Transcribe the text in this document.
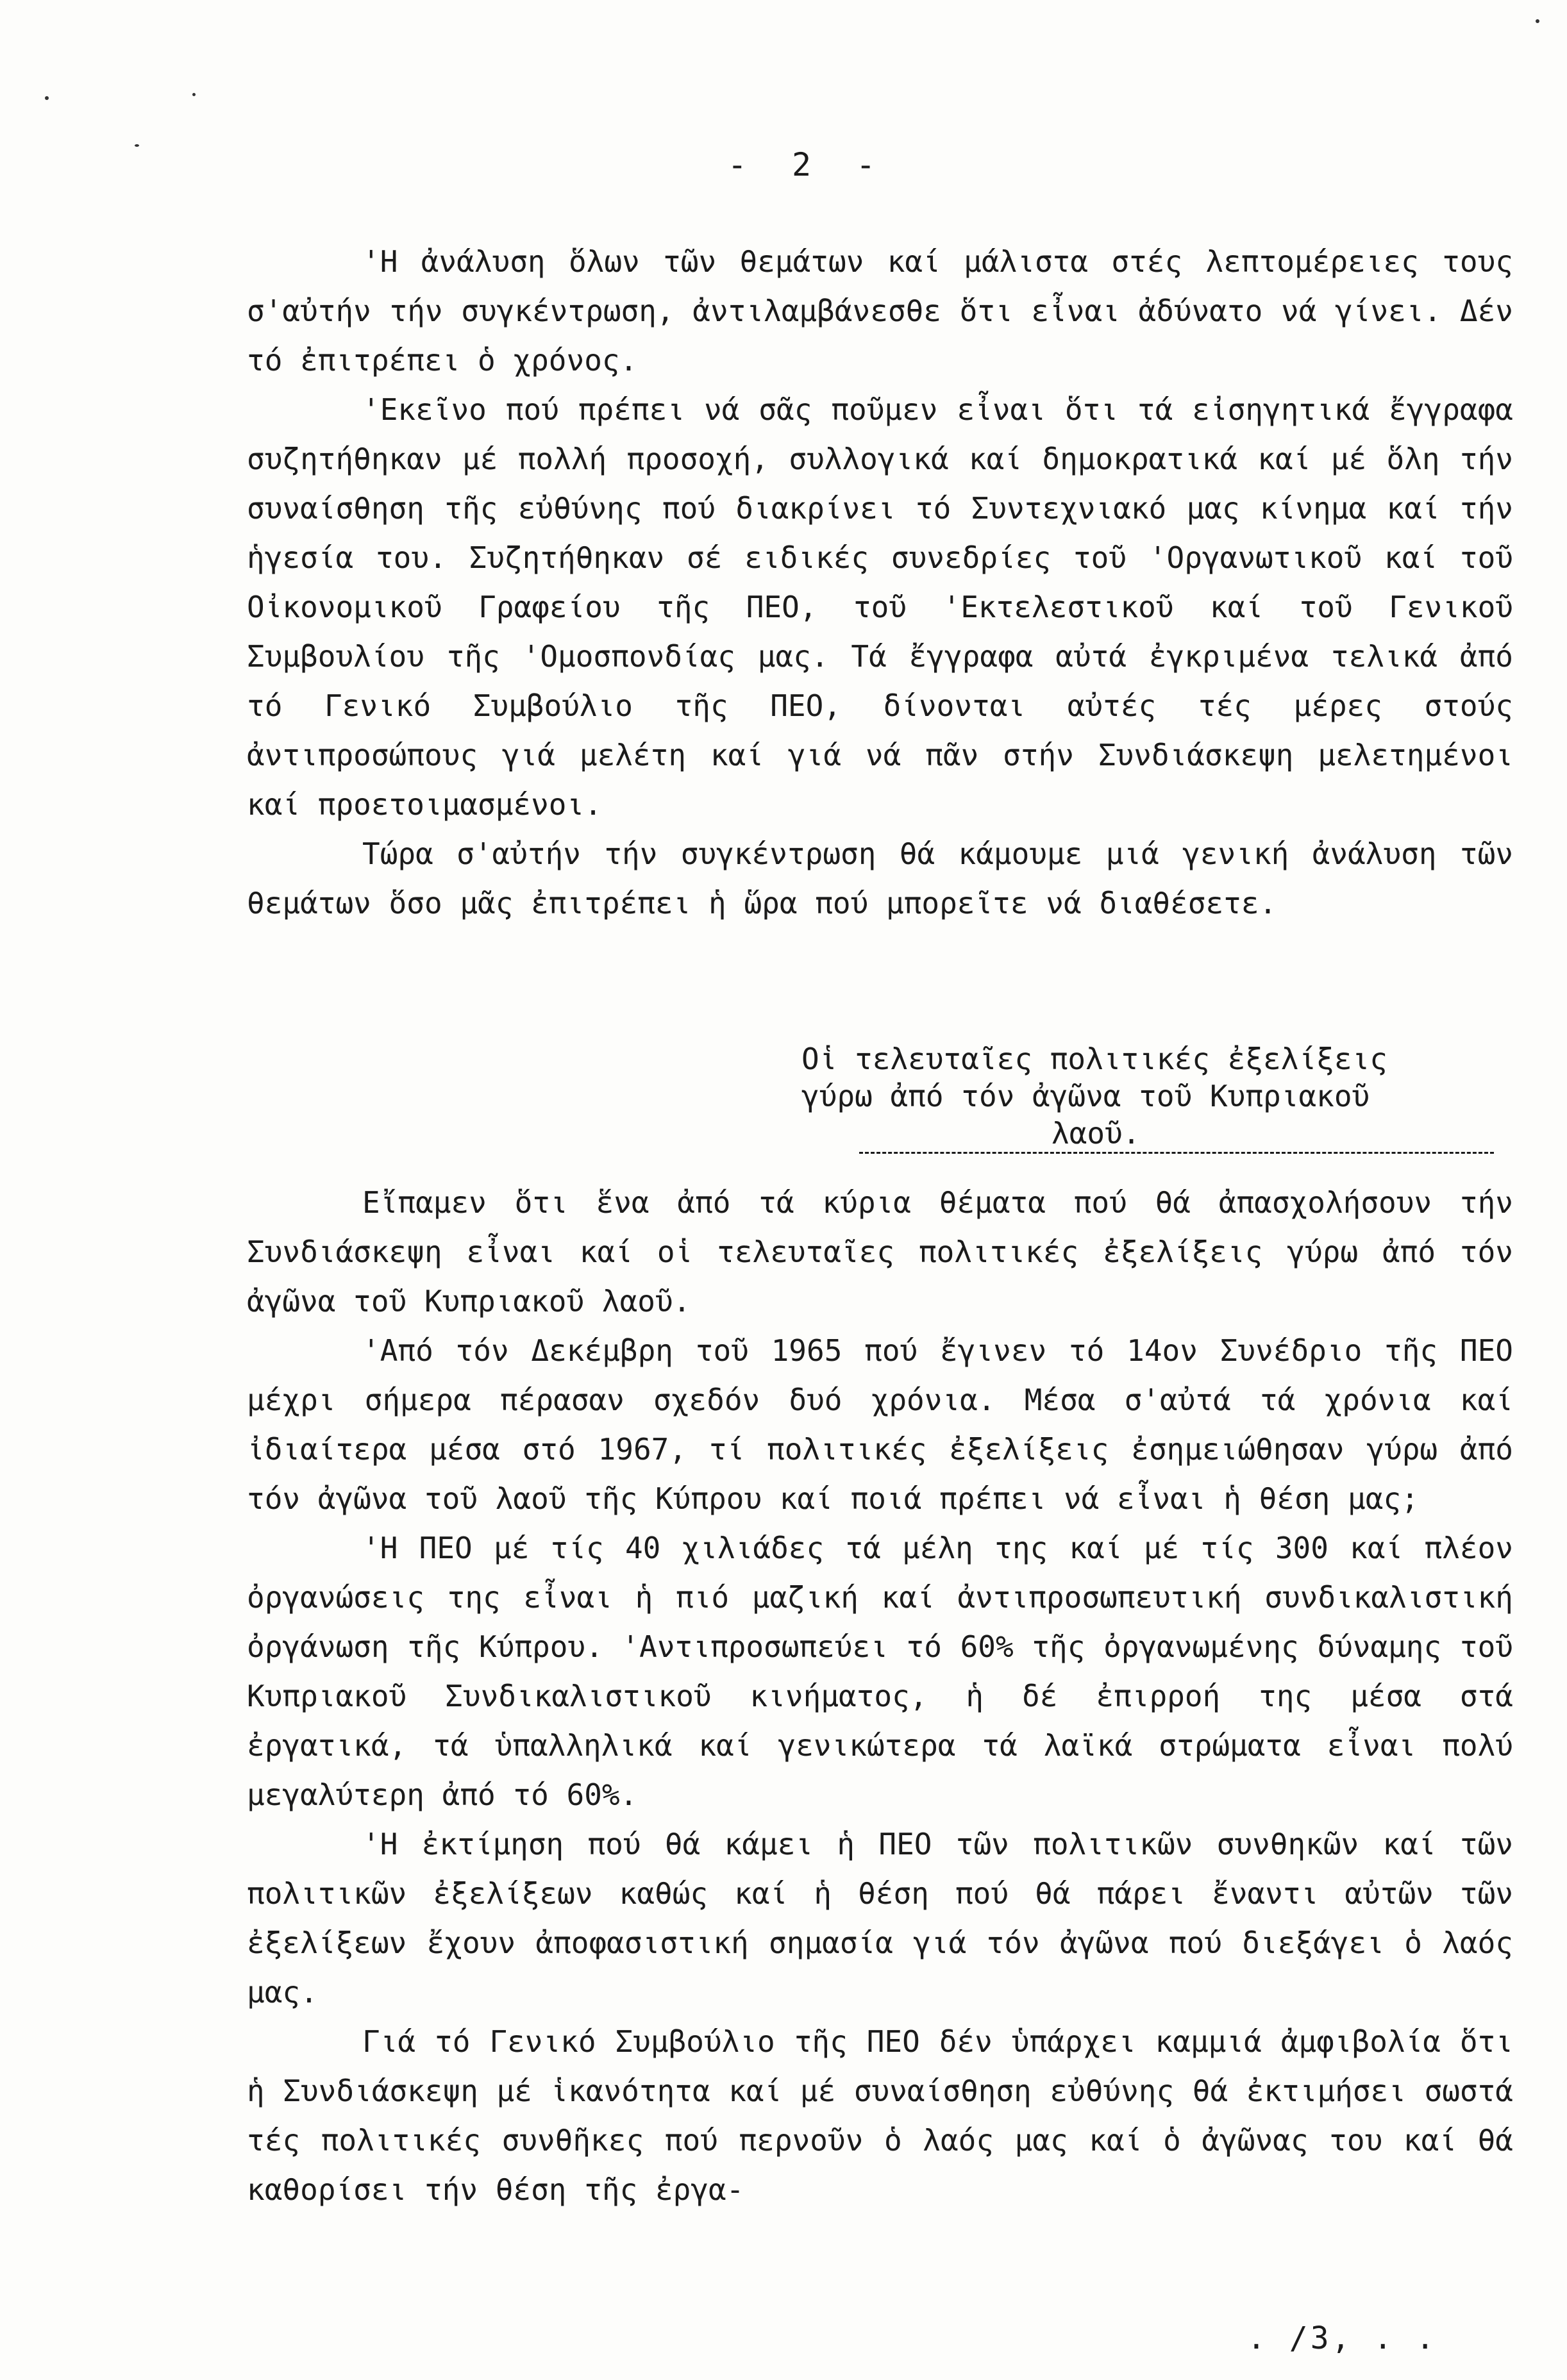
- 2 -

'Η ἀνάλυση ὅλων τῶν θεμάτων καί μάλιστα στές λεπτομέρειες τους σ'αὐτήν τήν συγκέντρωση, ἀντιλαμβάνεσθε ὅτι εἶναι ἀδύνατο νά γίνει. Δέν τό ἐπιτρέπει ὁ χρόνος.

'Εκεῖνο πού πρέπει νά σᾶς ποῦμεν εἶναι ὅτι τά εἰσηγητικά ἔγγραφα συζητήθηκαν μέ πολλή προσοχή, συλλογικά καί δημοκρατικά καί μέ ὅλη τήν συναίσθηση τῆς εὐθύνης πού διακρίνει τό Συντεχνιακό μας κίνημα καί τήν ἡγεσία του. Συζητήθηκαν σέ ειδικές συνεδρίες τοῦ 'Οργανωτικοῦ καί τοῦ Οἰκονομικοῦ Γραφείου τῆς ΠΕΟ, τοῦ 'Εκτελεστικοῦ καί τοῦ Γενικοῦ Συμβουλίου τῆς 'Ομοσπονδίας μας. Τά ἔγγραφα αὐτά ἐγκριμένα τελικά ἀπό τό Γενικό Συμβούλιο τῆς ΠΕΟ, δίνονται αὐτές τές μέρες στούς ἀντιπροσώπους γιά μελέτη καί γιά νά πᾶν στήν Συνδιάσκεψη μελετημένοι καί προετοιμασμένοι.

Τώρα σ'αὐτήν τήν συγκέντρωση θά κάμουμε μιά γενική ἀνάλυση τῶν θεμάτων ὅσο μᾶς ἐπιτρέπει ἡ ὥρα πού μπορεῖτε νά διαθέσετε.

Οἱ τελευταῖες πολιτικές ἐξελίξεις
γύρω ἀπό τόν ἀγῶνα τοῦ Κυπριακοῦ
λαοῦ.

Εἴπαμεν ὅτι ἕνα ἀπό τά κύρια θέματα πού θά ἀπασχολήσουν τήν Συνδιάσκεψη εἶναι καί οἱ τελευταῖες πολιτικές ἐξελίξεις γύρω ἀπό τόν ἀγῶνα τοῦ Κυπριακοῦ λαοῦ.

'Από τόν Δεκέμβρη τοῦ 1965 πού ἔγινεν τό 14ον Συνέδριο τῆς ΠΕΟ μέχρι σήμερα πέρασαν σχεδόν δυό χρόνια. Μέσα σ'αὐτά τά χρόνια καί ἰδιαίτερα μέσα στό 1967, τί πολιτικές ἐξελίξεις ἐσημειώθησαν γύρω ἀπό τόν ἀγῶνα τοῦ λαοῦ τῆς Κύπρου καί ποιά πρέπει νά εἶναι ἡ θέση μας;

'Η ΠΕΟ μέ τίς 40 χιλιάδες τά μέλη της καί μέ τίς 300 καί πλέον ὀργανώσεις της εἶναι ἡ πιό μαζική καί ἀντιπροσωπευτική συνδικαλιστική ὀργάνωση τῆς Κύπρου. 'Αντιπροσωπεύει τό 60% τῆς ὀργανωμένης δύναμης τοῦ Κυπριακοῦ Συνδικαλιστικοῦ κινήματος, ἡ δέ ἐπιρροή της μέσα στά ἐργατικά, τά ὑπαλληλικά καί γενικώτερα τά λαϊκά στρώματα εἶναι πολύ μεγαλύτερη ἀπό τό 60%.

'Η ἐκτίμηση πού θά κάμει ἡ ΠΕΟ τῶν πολιτικῶν συνθηκῶν καί τῶν πολιτικῶν ἐξελίξεων καθώς καί ἡ θέση πού θά πάρει ἔναντι αὐτῶν τῶν ἐξελίξεων ἔχουν ἀποφασιστική σημασία γιά τόν ἀγῶνα πού διεξάγει ὁ λαός μας.

Γιά τό Γενικό Συμβούλιο τῆς ΠΕΟ δέν ὑπάρχει καμμιά ἀμφιβολία ὅτι ἡ Συνδιάσκεψη μέ ἱκανότητα καί μέ συναίσθηση εὐθύνης θά ἐκτιμήσει σωστά τές πολιτικές συνθῆκες πού περνοῦν ὁ λαός μας καί ὁ ἀγῶνας του καί θά καθορίσει τήν θέση τῆς ἐργα-

. /3, . .
